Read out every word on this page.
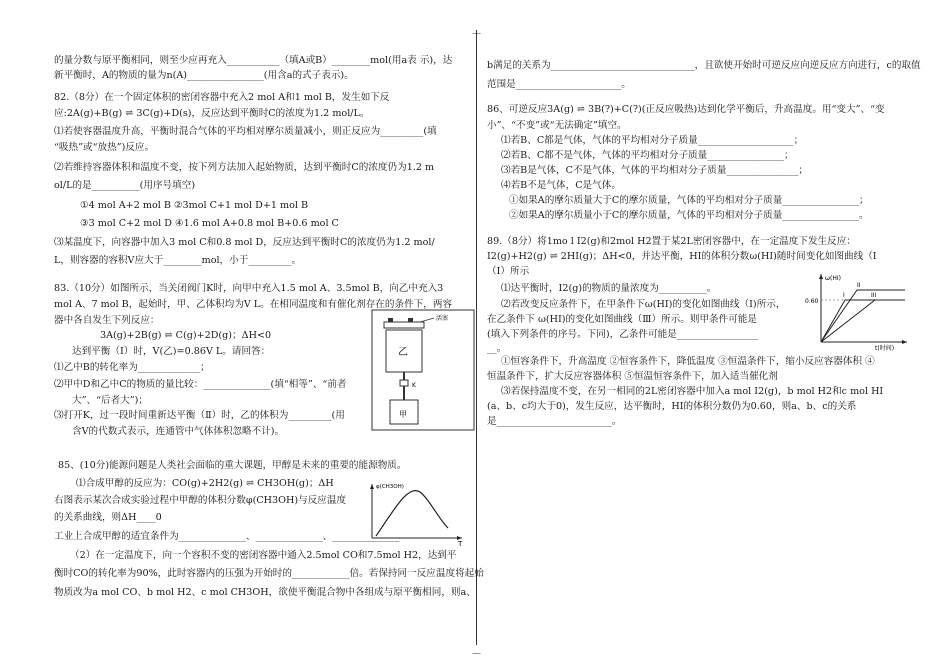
—
—
的量分数与原平衡相同，则至少应再充入___________（填A或B）________mol(用a表 示)，达
新平衡时，A的物质的量为n(A)________________(用含a的式子表示)。
82.（8分）在一个固定体积的密闭容器中充入2 mol A和1 mol B，发生如下反
应:2A(g)+B(g) ⇌ 3C(g)+D(s)，反应达到平衡时C的浓度为1.2 mol/L。
⑴若使容器温度升高，平衡时混合气体的平均相对摩尔质量减小，则正反应为_________(填
“吸热”或“放热”)反应。
⑵若维持容器体积和温度不变，按下列方法加入起始物质，达到平衡时C的浓度仍为1.2 m
ol/L的是__________(用序号填空)
①4 mol A+2 mol B ②3mol C+1 mol D+1 mol B
③3 mol C+2 mol D ④1.6 mol A+0.8 mol B+0.6 mol C
⑶某温度下，向容器中加入3 mol C和0.8 mol D，反应达到平衡时C的浓度仍为1.2 mol/
L，则容器的容积V应大于________mol，小于_________。
83.（10分）如图所示，当关闭阀门K时，向甲中充入1.5 mol A、3.5mol B，向乙中充入3
mol A、7 mol B，起始时，甲、乙体积均为V L。在相同温度和有催化剂存在的条件下，两容
器中各自发生下列反应：
3A(g)+2B(g) ⇌ C(g)+2D(g)；ΔH<0
达到平衡（Ⅰ）时，V(乙)=0.86V L。请回答：
⑴乙中B的转化率为_____________；
⑵甲中D和乙中C的物质的量比较：______________(填“相等”、“前者
大”、“后者大”)；
⑶打开K，过一段时间重新达平衡（Ⅱ）时，乙的体积为_________(用
含V的代数式表示，连通管中气体体积忽略不计)。
活塞
乙
K
甲
85、(10分)能源问题是人类社会面临的重大课题，甲醇是未来的重要的能源物质。
⑴合成甲醇的反应为：CO(g)+2H2(g) ⇌ CH3OH(g)；ΔH
右图表示某次合成实验过程中甲醇的体积分数φ(CH3OH)与反应温度
的关系曲线，则ΔH____0
工业上合成甲醇的适宜条件为______________、______________、______________
（2）在一定温度下，向一个容积不变的密闭容器中通入2.5mol CO和7.5mol H2，达到平
衡时CO的转化率为90%，此时容器内的压强为开始时的____________倍。若保持同一反应温度将起始
物质改为a mol CO、b mol H2、c mol CH3OH，欲使平衡混合物中各组成与原平衡相同，则a、
φ(CH3OH)
T
b满足的关系为______________________________，且欲使开始时可逆反应向逆反应方向进行，c的取值
范围是______________________。
86、可逆反应3A(g) ⇌ 3B(?)+C(?)(正反应吸热)达到化学平衡后，升高温度。用“变大”、“变
小”、“不变”或“无法确定”填空。
⑴若B、C都是气体，气体的平均相对分子质量____________________；
⑵若B、C都不是气体，气体的平均相对分子质量________________；
⑶若B是气体，C不是气体，气体的平均相对分子质量_______________；
⑷若B不是气体，C是气体。
①如果A的摩尔质量大于C的摩尔质量，气体的平均相对分子质量________________；
②如果A的摩尔质量小于C的摩尔质量，气体的平均相对分子质量________________。
89.（8分）将1mo l I2(g)和2mol H2置于某2L密闭容器中，在一定温度下发生反应：
I2(g)+H2(g) ⇌ 2HI(g)；ΔH<0，并达平衡，HI的体积分数ω(HI)随时间变化如图曲线（Ⅰ
（Ⅰ）所示
⑴达平衡时，I2(g)的物质的量浓度为__________。
⑵若改变反应条件下，在甲条件下ω(HI)的变化如图曲线（Ⅰ)所示，
在乙条件下 ω(HI)的变化如图曲线（Ⅲ）所示。则甲条件可能是
(填入下列条件的序号。下同)，乙条件可能是_________________
__。
①恒容条件下，升高温度 ②恒容条件下，降低温度 ③恒温条件下，缩小反应容器体积 ④
恒温条件下，扩大反应容器体积 ⑤恒温恒容条件下，加入适当催化剂
⑶若保持温度不变，在另一相同的2L密闭容器中加入a mol I2(g)，b mol H2和c mol HI
(a、b、c均大于0)，发生反应，达平衡时，HI的体积分数仍为0.60，则a、b、c的关系
是________________________。
ω(HI)
0.60
I
II
III
t(时间)
